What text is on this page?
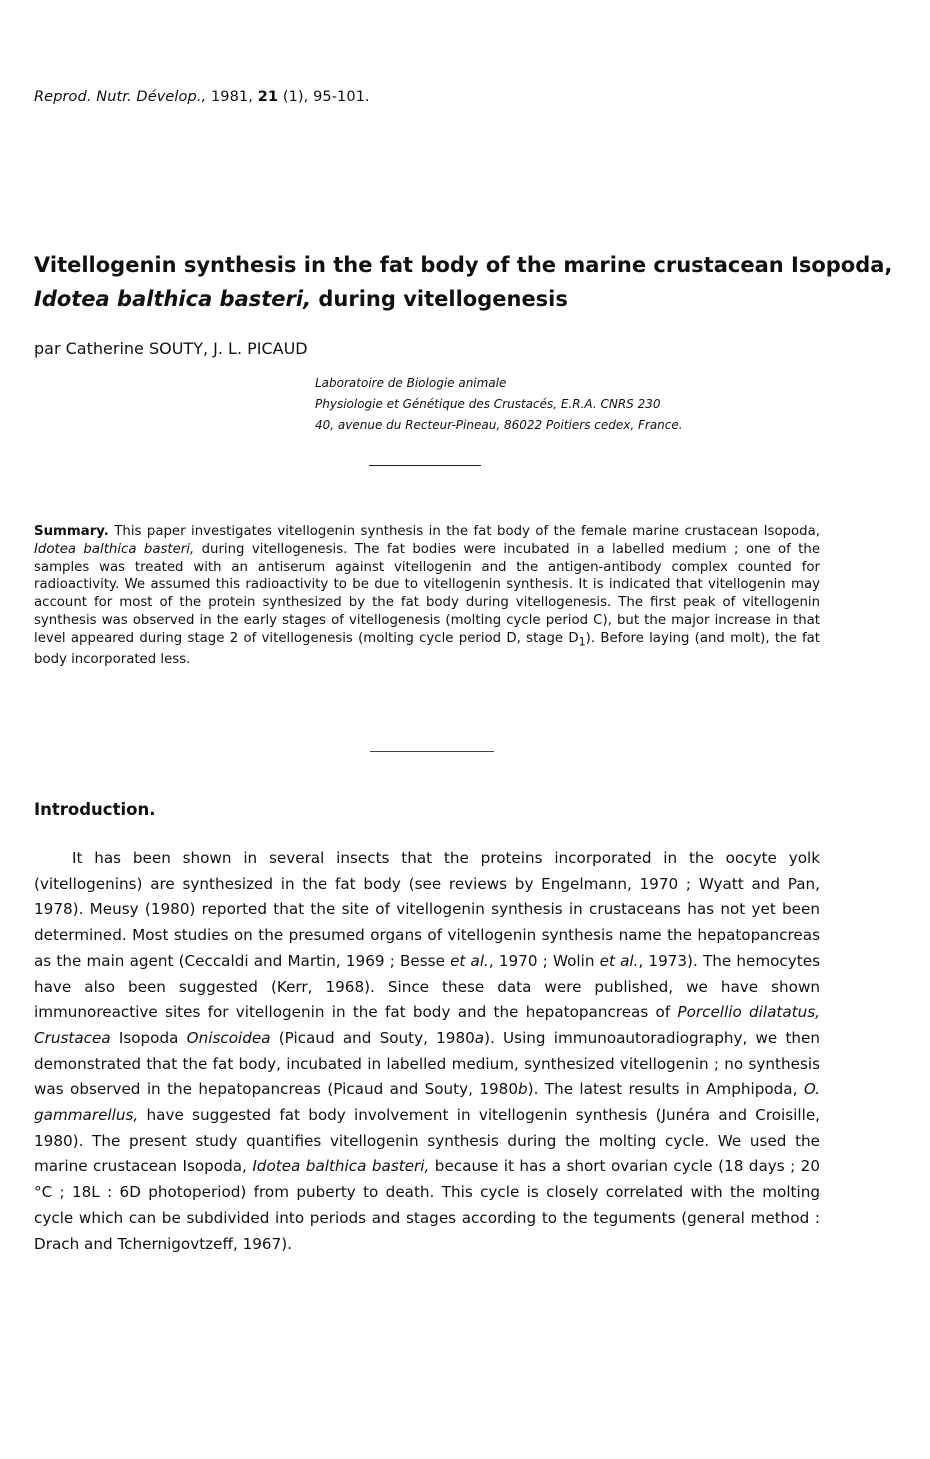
Reprod. Nutr. Dévelop., 1981, 21 (1), 95-101.
Vitellogenin synthesis in the fat body of the marine crustacean Isopoda, Idotea balthica basteri, during vitellogenesis
par Catherine SOUTY, J. L. PICAUD
Laboratoire de Biologie animale
Physiologie et Génétique des Crustacés, E.R.A. CNRS 230
40, avenue du Recteur-Pineau, 86022 Poitiers cedex, France.

Summary. This paper investigates vitellogenin synthesis in the fat body of the female marine crustacean Isopoda, Idotea balthica basteri, during vitellogenesis. The fat bodies were incubated in a labelled medium ; one of the samples was treated with an antiserum against vitellogenin and the antigen-antibody complex counted for radioactivity. We assumed this radioactivity to be due to vitellogenin synthesis. It is indicated that vitellogenin may account for most of the protein synthesized by the fat body during vitellogenesis. The first peak of vitellogenin synthesis was observed in the early stages of vitellogenesis (molting cycle period C), but the major increase in that level appeared during stage 2 of vitellogenesis (molting cycle period D, stage $D_1$). Before laying (and molt), the fat body incorporated less.

Introduction.

It has been shown in several insects that the proteins incorporated in the oocyte yolk (vitellogenins) are synthesized in the fat body (see reviews by Engelmann, 1970 ; Wyatt and Pan, 1978). Meusy (1980) reported that the site of vitellogenin synthesis in crustaceans has not yet been determined. Most studies on the presumed organs of vitellogenin synthesis name the hepatopancreas as the main agent (Ceccaldi and Martin, 1969 ; Besse et al., 1970 ; Wolin et al., 1973). The hemocytes have also been suggested (Kerr, 1968). Since these data were published, we have shown immunoreactive sites for vitellogenin in the fat body and the hepatopancreas of Porcellio dilatatus, Crustacea Isopoda Oniscoidea (Picaud and Souty, 1980a). Using immunoautoradiography, we then demonstrated that the fat body, incubated in labelled medium, synthesized vitellogenin ; no synthesis was observed in the hepatopancreas (Picaud and Souty, 1980b). The latest results in Amphipoda, O. gammarellus, have suggested fat body involvement in vitellogenin synthesis (Junéra and Croisille, 1980). The present study quantifies vitellogenin synthesis during the molting cycle. We used the marine crustacean Isopoda, Idotea balthica basteri, because it has a short ovarian cycle (18 days ; 20 °C ; 18L : 6D photoperiod) from puberty to death. This cycle is closely correlated with the molting cycle which can be subdivided into periods and stages according to the teguments (general method : Drach and Tchernigovtzeff, 1967).
